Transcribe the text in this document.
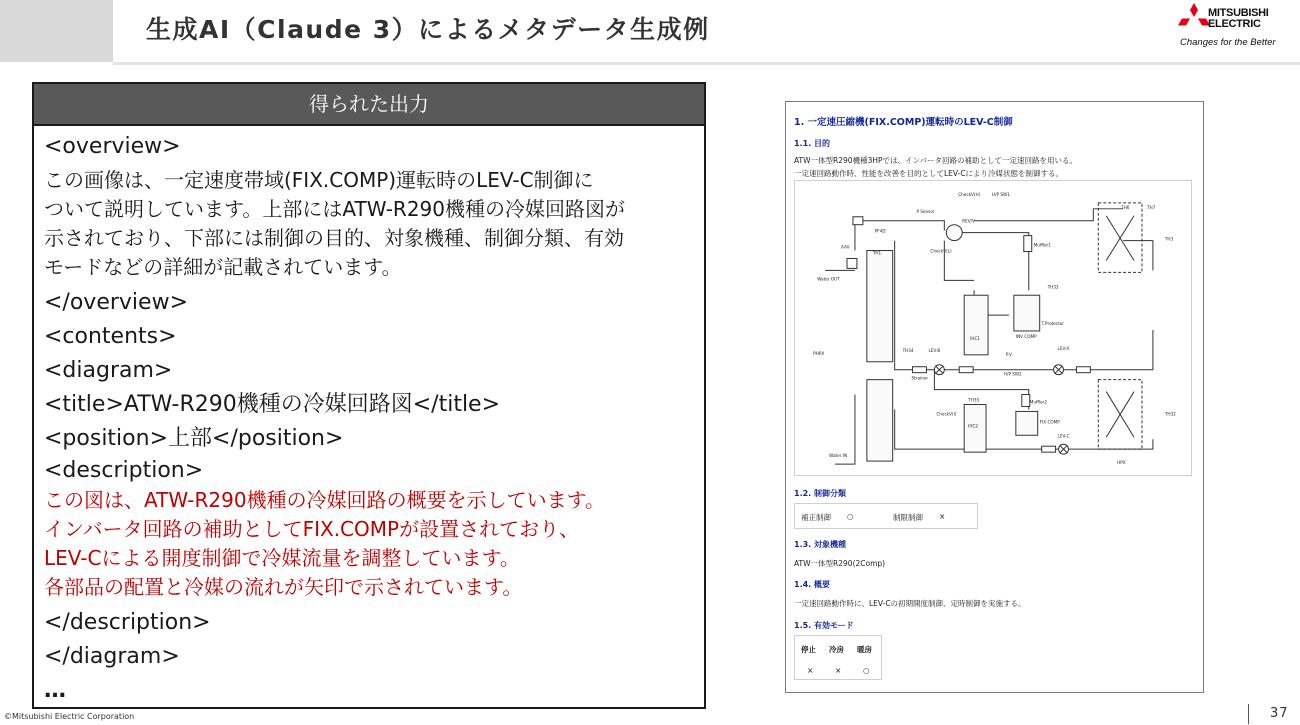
生成AI（Claude 3）によるメタデータ生成例
MITSUBISHI
ELECTRIC
Changes for the Better
得られた出力
<overview>
この画像は、一定速度帯域(FIX.COMP)運転時のLEV-C制御に
ついて説明しています。上部にはATW-R290機種の冷媒回路図が
示されており、下部には制御の目的、対象機種、制御分類、有効
モードなどの詳細が記載されています。
</overview>
<contents>
<diagram>
<title>ATW-R290機種の冷媒回路図</title>
<position>上部</position>
<description>
この図は、ATW-R290機種の冷媒回路の概要を示しています。
インバータ回路の補助としてFIX.COMPが設置されており、
LEV-Cによる開度制御で冷媒流量を調整しています。
各部品の配置と冷媒の流れが矢印で示されています。
</description>
</diagram>
…
1. 一定速圧縮機(FIX.COMP)運転時のLEV-C制御
1.1. 目的
ATW一体型R290機種3HPでは、インバータ回路の補助として一定速回路を用いる。
一定速回路動作時、性能を改善を目的としてLEV-Cにより冷媒状態を制御する。
CheckV(H)	H/P SW1
P Sensor
REV/V
Muffler1
PF4D
CheckV(L)
AAV
TH1
TH6	TH7
TH3
Water OUT
INV COMP
T.Protector
TH33
IHC1
PHPX
TH34	LEV-B
Strainer
P.V
LEV-A
H/P SW2
TH35	Muffler2
CheckV(I)
IHC2
FIX COMP
LEV-C
Water IN
HPX
TH32
1.2. 制御分類
補正制御 ○	制限制御 ×
1.3. 対象機種
ATW一体型R290(2Comp)
1.4. 概要
一定速回路動作時に、LEV-Cの初期開度制御、定時制御を実施する。
1.5. 有効モード
停止 冷房 暖房
×	×	○
©Mitsubishi Electric Corporation	37
